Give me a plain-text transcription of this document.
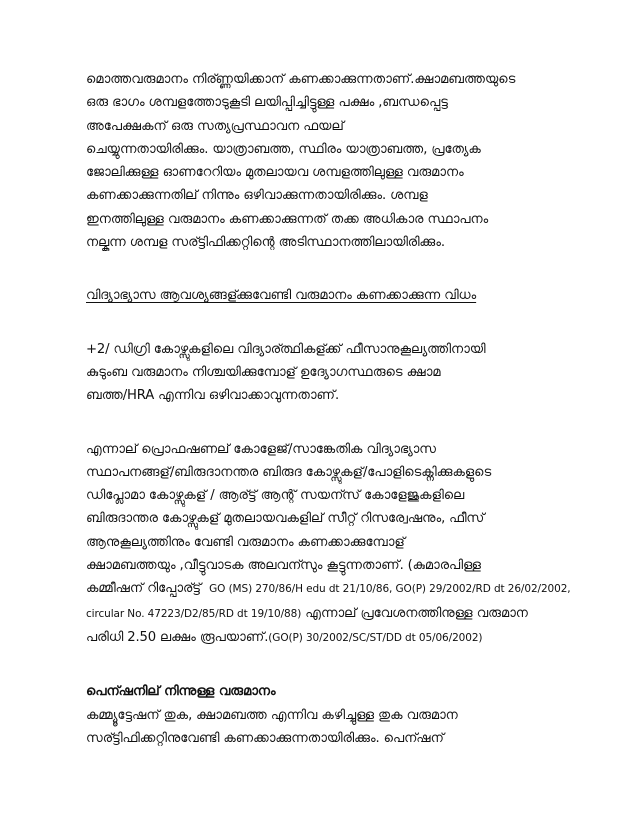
മൊത്തവരുമാനം നിര്ണ്ണയിക്കാന് കണക്കാക്കുന്നതാണ്.ക്ഷാമബത്തയുടെ
ഒരു ഭാഗം ശമ്പളത്തോടുകൂടി ലയിപ്പിച്ചിട്ടുള്ള പക്ഷം ,ബന്ധപ്പെട്ട
അപേക്ഷകന് ഒരു സത്യപ്രസ്ഥാവന ഫയല്
ചെയ്യുന്നതായിരിക്കും. യാത്രാബത്ത, സ്ഥിരം യാത്രാബത്ത, പ്രത്യേക
ജോലിക്കുള്ള ഓണറേറിയം മുതലായവ ശമ്പളത്തിലുള്ള വരുമാനം
കണക്കാക്കുന്നതില് നിന്നും ഒഴിവാക്കുന്നതായിരിക്കും. ശമ്പള
ഇനത്തിലുള്ള വരുമാനം കണക്കാക്കുന്നത് തക്ക അധികാര സ്ഥാപനം
നല്കുന്ന ശമ്പള സര്ട്ടിഫിക്കറ്റിന്റെ അടിസ്ഥാനത്തിലായിരിക്കും.

വിദ്യാഭ്യാസ ആവശ്യങ്ങള്ക്കുവേണ്ടി വരുമാനം കണക്കാക്കുന്ന വിധം

+2/ ഡിഗ്രി കോഴ്സുകളിലെ വിദ്യാര്ത്ഥികള്ക്ക് ഫീസാനുകൂല്യത്തിനായി
കുടുംബ വരുമാനം നിശ്ചയിക്കുമ്പോള് ഉദ്യോഗസ്ഥരുടെ ക്ഷാമ
ബത്ത/HRA എന്നിവ ഒഴിവാക്കാവുന്നതാണ്.

എന്നാല് പ്രൊഫഷണല് കോളേജ്/സാങ്കേതിക വിദ്യാഭ്യാസ
സ്ഥാപനങ്ങള്/ബിരുദാനന്തര ബിരുദ കോഴ്സുകള്/പോളിടെക്നിക്കുകളുടെ
ഡിപ്ലോമാ കോഴ്സുകള് / ആര്ട്ട് ആന്റ് സയന്സ് കോളേജുകളിലെ
ബിരുദാന്തര കോഴ്സുകള് മുതലായവകളില് സീറ്റ് റിസര്വേഷനും, ഫീസ്
ആനുകൂല്യത്തിനും വേണ്ടി വരുമാനം കണക്കാക്കുമ്പോള്
ക്ഷാമബത്തയും ,വീട്ടുവാടക അലവന്സും കൂട്ടുന്നതാണ്. (കുമാരപിള്ള
കമ്മീഷന് റിപ്പോര്ട്ട് GO (MS) 270/86/H edu dt 21/10/86, GO(P) 29/2002/RD dt 26/02/2002,
circular No. 47223/D2/85/RD dt 19/10/88) എന്നാല് പ്രവേശനത്തിനുള്ള വരുമാന
പരിധി 2.50 ലക്ഷം രൂപയാണ്.(GO(P) 30/2002/SC/ST/DD dt 05/06/2002)

പെന്ഷനില് നിന്നുള്ള വരുമാനം

കമ്മ്യൂട്ടേഷന് തുക, ക്ഷാമബത്ത എന്നിവ കഴിച്ചുള്ള തുക വരുമാന
സര്ട്ടിഫിക്കറ്റിനുവേണ്ടി കണക്കാക്കുന്നതായിരിക്കും. പെന്ഷന്
